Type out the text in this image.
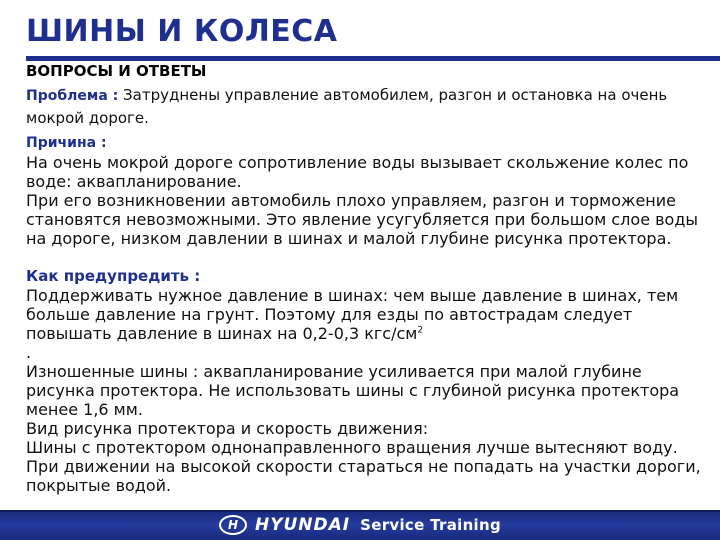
ШИНЫ И КОЛЕСА
ВОПРОСЫ И ОТВЕТЫ

Проблема : Затруднены управление автомобилем, разгон и остановка на очень мокрой дороге.

Причина :

На очень мокрой дороге сопротивление воды вызывает скольжение колес по воде: аквапланирование.

При его возникновении автомобиль плохо управляем, разгон и торможение становятся невозможными. Это явление усугубляется при большом слое воды на дороге, низком давлении в шинах и малой глубине рисунка протектора.

Как предупредить :

Поддерживать нужное давление в шинах: чем выше давление в шинах, тем больше давление на грунт. Поэтому для езды по автострадам следует повышать давление в шинах на 0,2-0,3 кгс/$см^2$
.

Изношенные шины : аквапланирование усиливается при малой глубине рисунка протектора. Не использовать шины с глубиной рисунка протектора менее 1,6 мм.

Вид рисунка протектора и скорость движения:

Шины с протектором однонаправленного вращения лучше вытесняют воду. При движении на высокой скорости стараться не попадать на участки дороги, покрытые водой.

H HYUNDAI Service Training
